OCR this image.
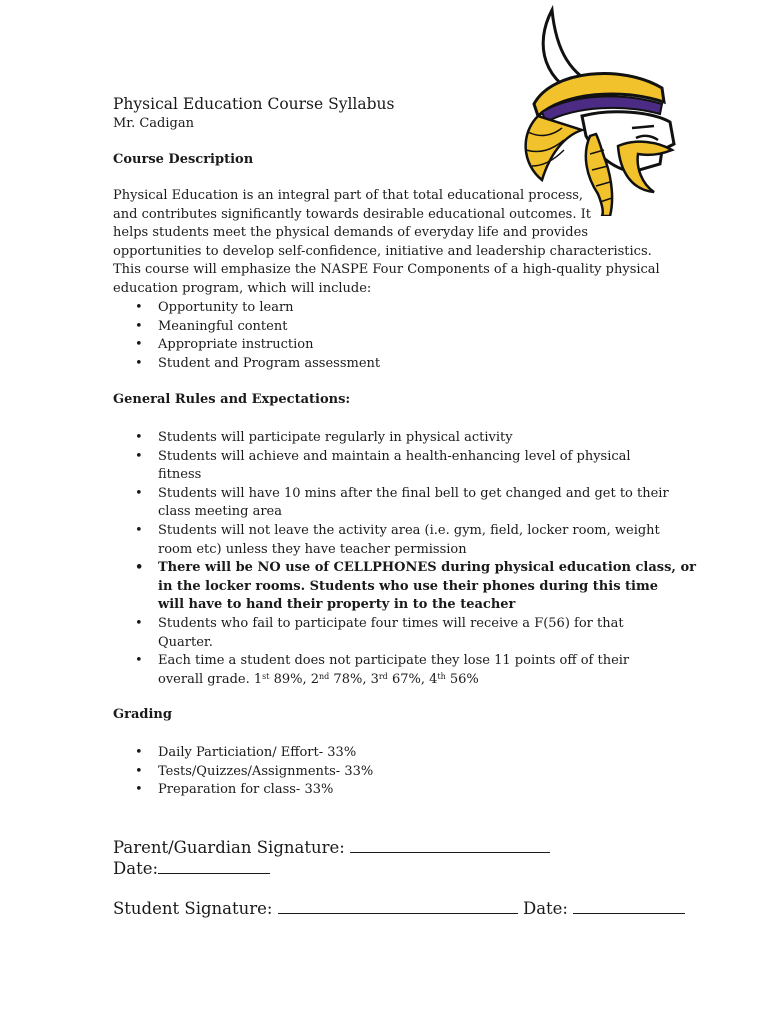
Physical Education Course Syllabus
Mr. Cadigan
Course Description

Physical Education is an integral part of that total educational process,
and contributes significantly towards desirable educational outcomes. It
helps students meet the physical demands of everyday life and provides
opportunities to develop self-confidence, initiative and leadership characteristics.
This course will emphasize the NASPE Four Components of a high-quality physical
education program, which will include:

• Opportunity to learn
• Meaningful content
• Appropriate instruction
• Student and Program assessment
General Rules and Expectations:
• Students will participate regularly in physical activity
• Students will achieve and maintain a health-enhancing level of physical
fitness
• Students will have 10 mins after the final bell to get changed and get to their
class meeting area
• Students will not leave the activity area (i.e. gym, field, locker room, weight
room etc) unless they have teacher permission
• There will be NO use of CELLPHONES during physical education class, or
in the locker rooms. Students who use their phones during this time
will have to hand their property in to the teacher
• Students who fail to participate four times will receive a F(56) for that
Quarter.
• Each time a student does not participate they lose 11 points off of their
overall grade. 1st 89%, 2nd 78%, 3rd 67%, 4th 56%
Grading
• Daily Particiation/ Effort- 33%
• Tests/Quizzes/Assignments- 33%
• Preparation for class- 33%
Parent/Guardian Signature:
Date:
Student Signature:	Date:
